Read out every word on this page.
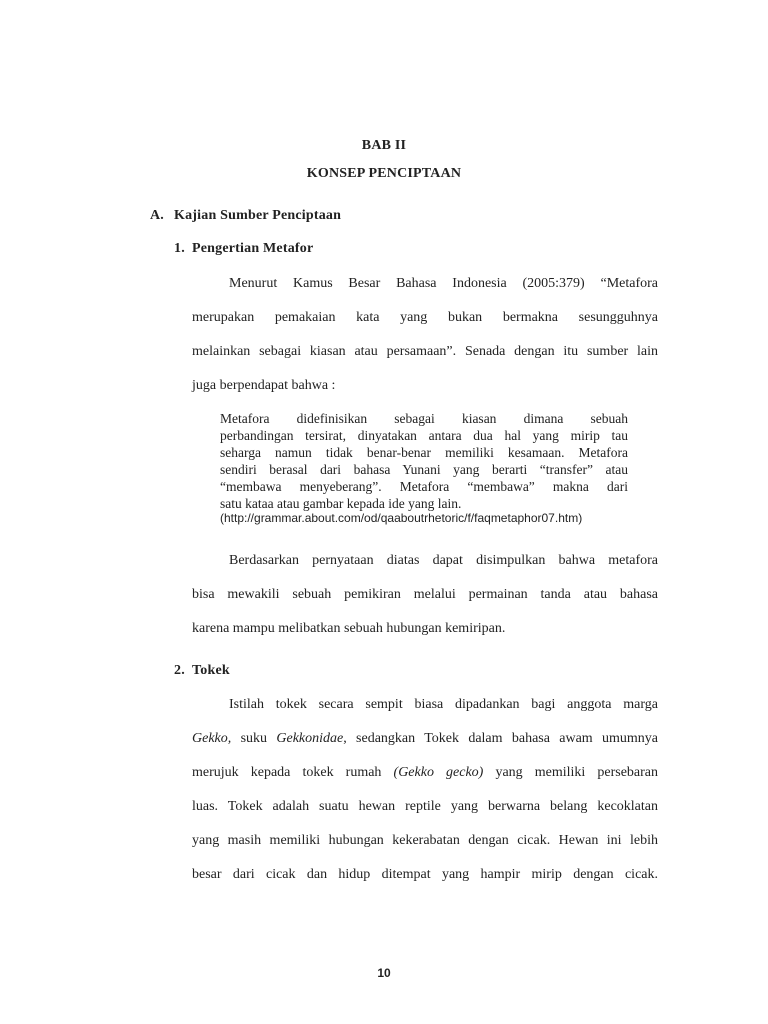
BAB II
KONSEP PENCIPTAAN
A. Kajian Sumber Penciptaan
1. Pengertian Metafor
Menurut Kamus Besar Bahasa Indonesia (2005:379) “Metafora
merupakan pemakaian kata yang bukan bermakna sesungguhnya
melainkan sebagai kiasan atau persamaan”. Senada dengan itu sumber lain
juga berpendapat bahwa :
Metafora didefinisikan sebagai kiasan dimana sebuah
perbandingan tersirat, dinyatakan antara dua hal yang mirip tau
seharga namun tidak benar-benar memiliki kesamaan. Metafora
sendiri berasal dari bahasa Yunani yang berarti “transfer” atau
“membawa menyeberang”. Metafora “membawa” makna dari
satu kataa atau gambar kepada ide yang lain.
(http://grammar.about.com/od/qaaboutrhetoric/f/faqmetaphor07.htm)
Berdasarkan pernyataan diatas dapat disimpulkan bahwa metafora
bisa mewakili sebuah pemikiran melalui permainan tanda atau bahasa
karena mampu melibatkan sebuah hubungan kemiripan.
2. Tokek
Istilah tokek secara sempit biasa dipadankan bagi anggota marga
Gekko, suku Gekkonidae, sedangkan Tokek dalam bahasa awam umumnya
merujuk kepada tokek rumah (Gekko gecko) yang memiliki persebaran
luas. Tokek adalah suatu hewan reptile yang berwarna belang kecoklatan
yang masih memiliki hubungan kekerabatan dengan cicak. Hewan ini lebih
besar dari cicak dan hidup ditempat yang hampir mirip dengan cicak.
10
